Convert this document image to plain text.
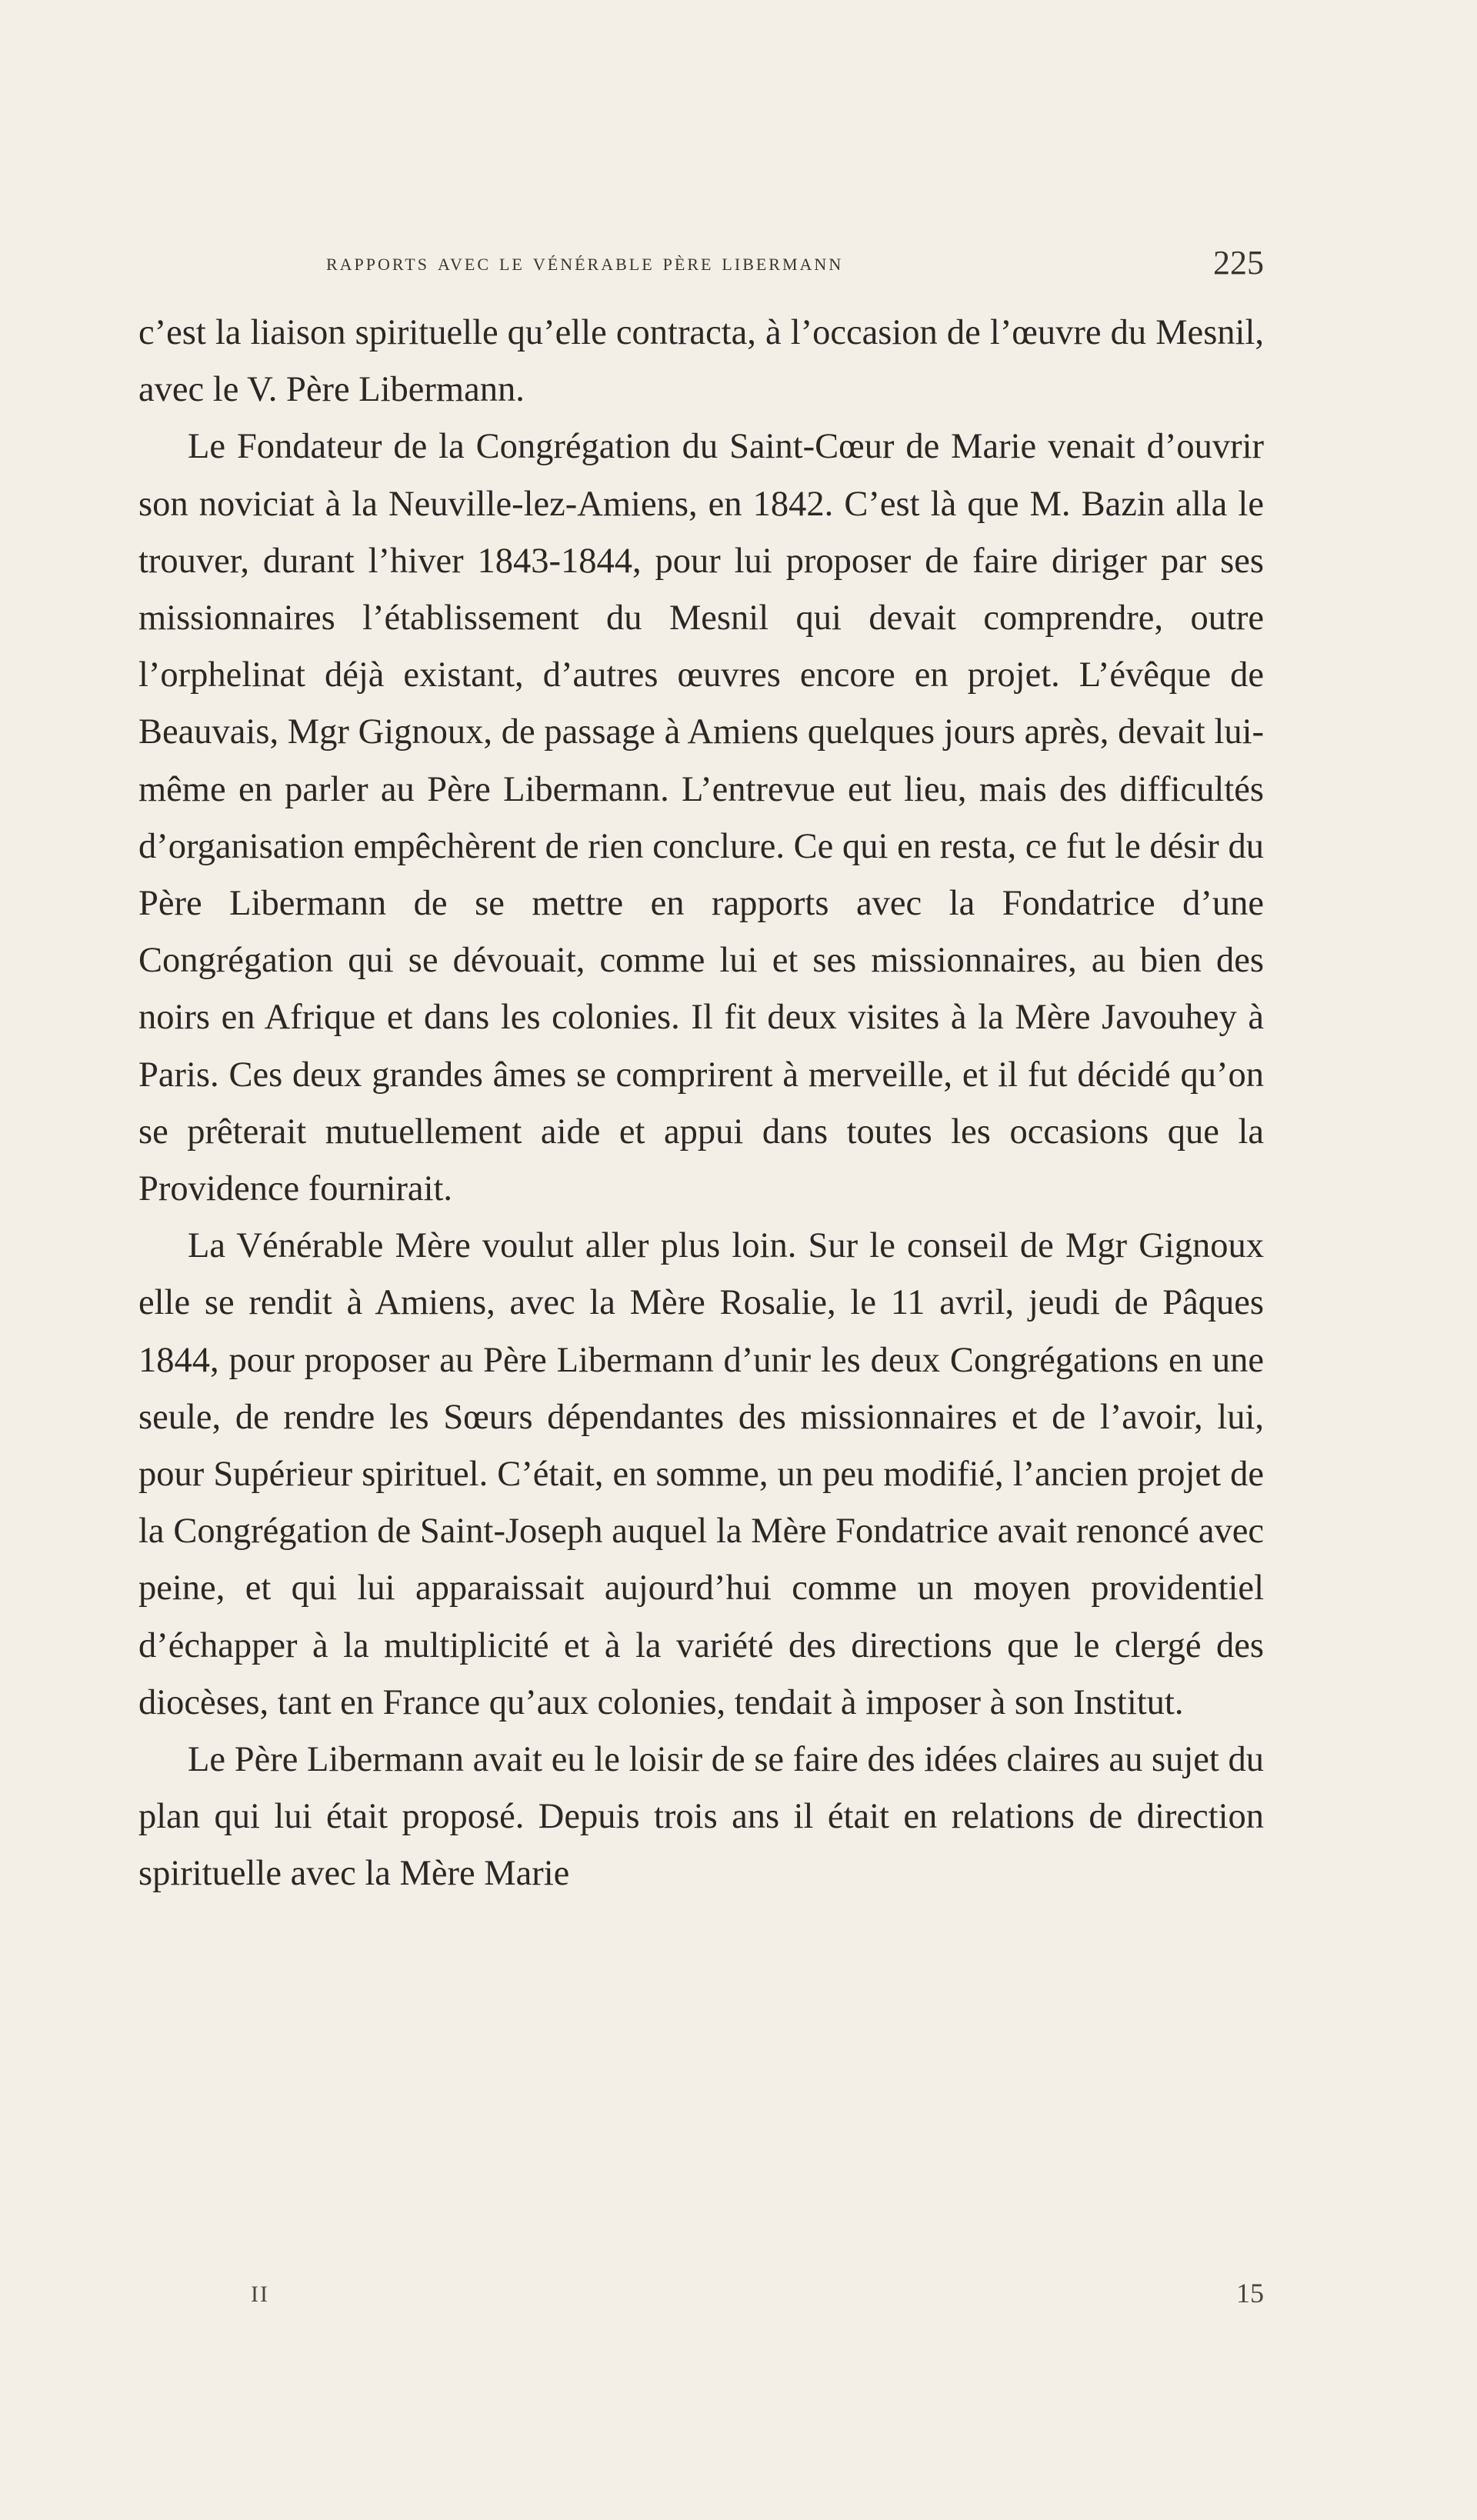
rapports avec le vénérable père libermann	225

c’est la liaison spirituelle qu’elle contracta, à l’occasion de l’œuvre du Mesnil, avec le V. Père Libermann.

Le Fondateur de la Congrégation du Saint-Cœur de Marie venait d’ouvrir son noviciat à la Neuville-lez-Amiens, en 1842. C’est là que M. Bazin alla le trouver, durant l’hiver 1843-1844, pour lui proposer de faire diriger par ses missionnaires l’établissement du Mesnil qui devait comprendre, outre l’orphelinat déjà existant, d’autres œuvres encore en projet. L’évêque de Beauvais, Mgr Gignoux, de passage à Amiens quelques jours après, devait lui-même en parler au Père Libermann. L’entrevue eut lieu, mais des difficultés d’organisation empêchèrent de rien conclure. Ce qui en resta, ce fut le désir du Père Libermann de se mettre en rapports avec la Fondatrice d’une Congrégation qui se dévouait, comme lui et ses missionnaires, au bien des noirs en Afrique et dans les colonies. Il fit deux visites à la Mère Javouhey à Paris. Ces deux grandes âmes se comprirent à merveille, et il fut décidé qu’on se prêterait mutuellement aide et appui dans toutes les occasions que la Providence fournirait.

La Vénérable Mère voulut aller plus loin. Sur le conseil de Mgr Gignoux elle se rendit à Amiens, avec la Mère Rosalie, le 11 avril, jeudi de Pâques 1844, pour proposer au Père Libermann d’unir les deux Congrégations en une seule, de rendre les Sœurs dépendantes des missionnaires et de l’avoir, lui, pour Supérieur spirituel. C’était, en somme, un peu modifié, l’ancien projet de la Congrégation de Saint-Joseph auquel la Mère Fondatrice avait renoncé avec peine, et qui lui apparaissait aujourd’hui comme un moyen providentiel d’échapper à la multiplicité et à la variété des directions que le clergé des diocèses, tant en France qu’aux colonies, tendait à imposer à son Institut.

Le Père Libermann avait eu le loisir de se faire des idées claires au sujet du plan qui lui était proposé. Depuis trois ans il était en relations de direction spirituelle avec la Mère Marie

II	15
